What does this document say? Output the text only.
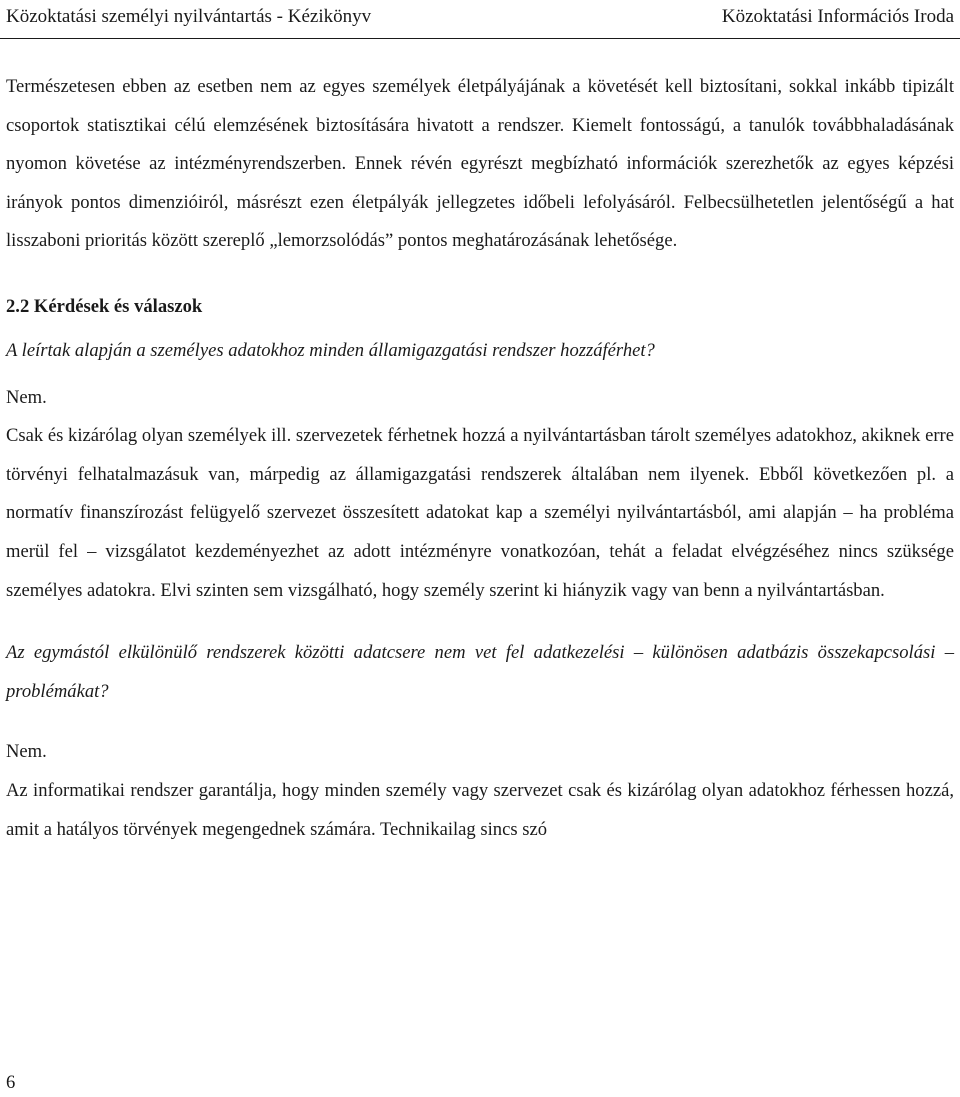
Közoktatási személyi nyilvántartás - Kézikönyv	Közoktatási Információs Iroda

Természetesen ebben az esetben nem az egyes személyek életpályájának a követését kell biztosítani, sokkal inkább tipizált csoportok statisztikai célú elemzésének biztosítására hivatott a rendszer. Kiemelt fontosságú, a tanulók továbbhaladásának nyomon követése az intézményrendszerben. Ennek révén egyrészt megbízható információk szerezhetők az egyes képzési irányok pontos dimenzióiról, másrészt ezen életpályák jellegzetes időbeli lefolyásáról. Felbecsülhetetlen jelentőségű a hat lisszaboni prioritás között szereplő „lemorzsolódás” pontos meghatározásának lehetősége.

2.2 Kérdések és válaszok

A leírtak alapján a személyes adatokhoz minden államigazgatási rendszer hozzáférhet?

Nem.

Csak és kizárólag olyan személyek ill. szervezetek férhetnek hozzá a nyilvántartásban tárolt személyes adatokhoz, akiknek erre törvényi felhatalmazásuk van, márpedig az államigazgatási rendszerek általában nem ilyenek. Ebből következően pl. a normatív finanszírozást felügyelő szervezet összesített adatokat kap a személyi nyilvántartásból, ami alapján – ha probléma merül fel – vizsgálatot kezdeményezhet az adott intézményre vonatkozóan, tehát a feladat elvégzéséhez nincs szüksége személyes adatokra. Elvi szinten sem vizsgálható, hogy személy szerint ki hiányzik vagy van benn a nyilvántartásban.

Az egymástól elkülönülő rendszerek közötti adatcsere nem vet fel adatkezelési – különösen adatbázis összekapcsolási – problémákat?

Nem.

Az informatikai rendszer garantálja, hogy minden személy vagy szervezet csak és kizárólag olyan adatokhoz férhessen hozzá, amit a hatályos törvények megengednek számára. Technikailag sincs szó

6
